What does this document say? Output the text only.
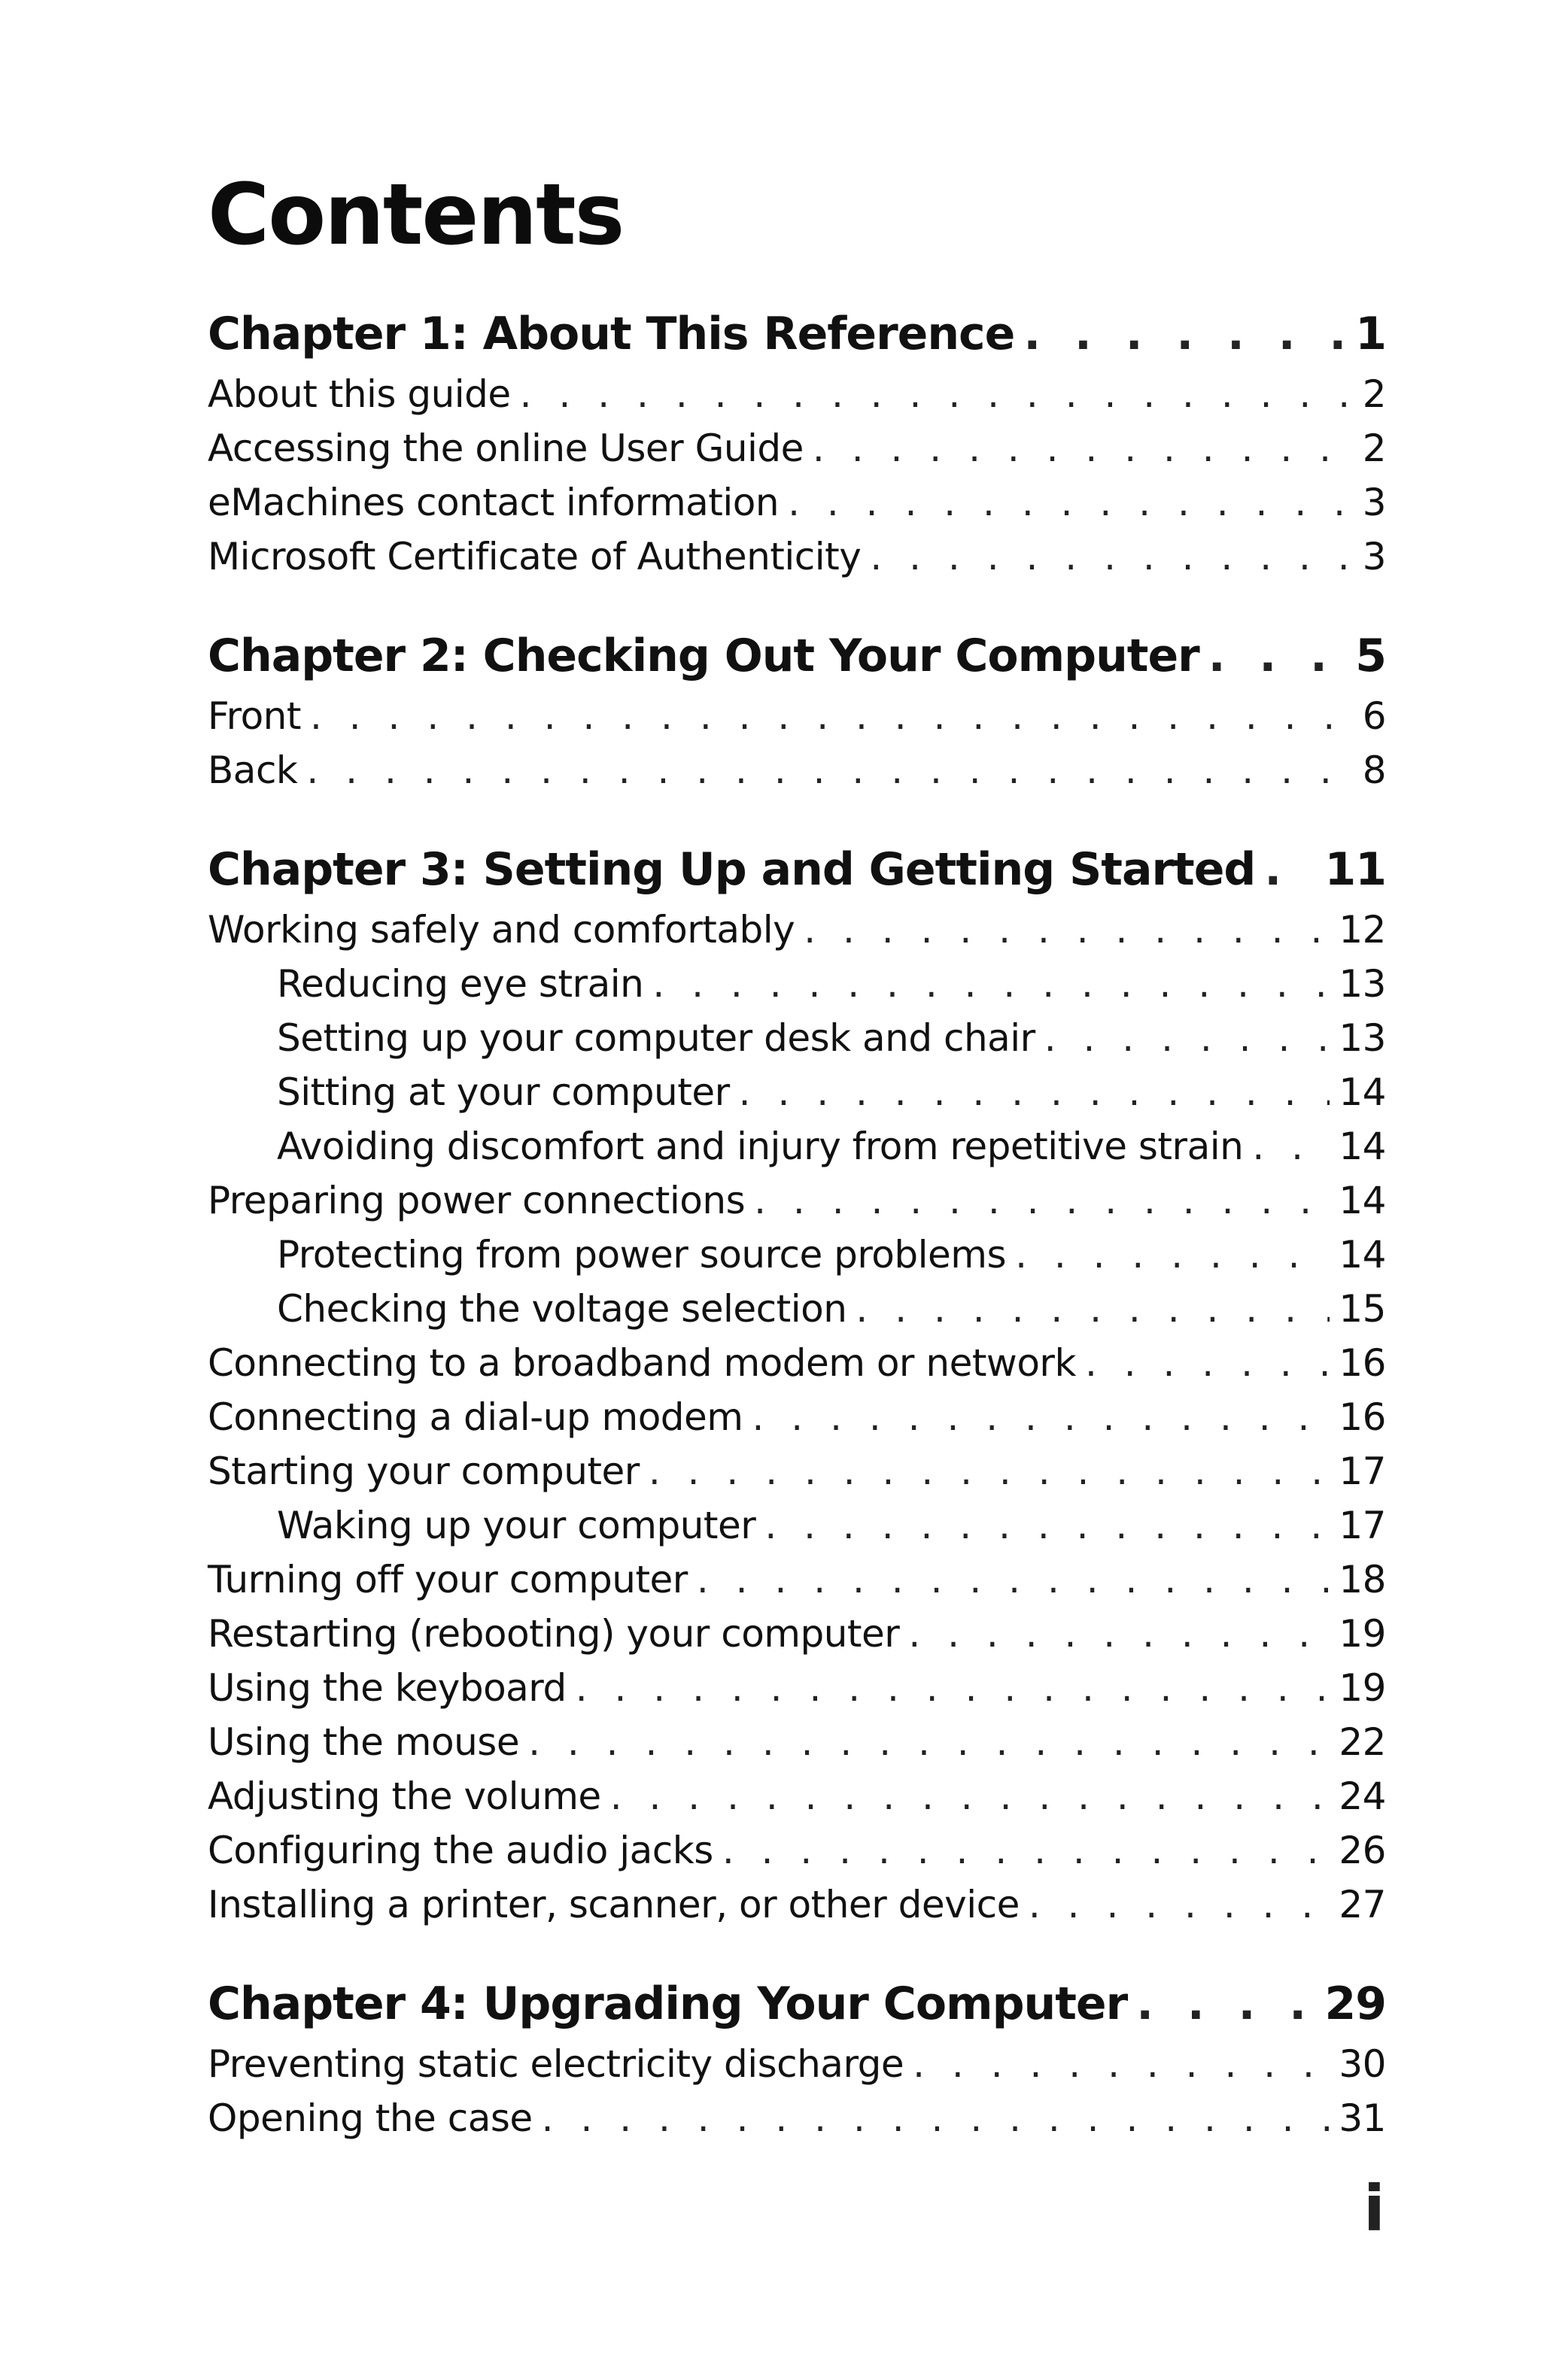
Contents
Chapter 1: About This Reference . . .	1
About this guide . . .	2
Accessing the online User Guide . . .	2
eMachines contact information . . .	3
Microsoft Certificate of Authenticity . . .	3
Chapter 2: Checking Out Your Computer . . .	5
Front . . .	6
Back . . .	8
Chapter 3: Setting Up and Getting Started . . . 11
Working safely and comfortably . . .	12
Reducing eye strain . . .	13
Setting up your computer desk and chair . . .	13
Sitting at your computer . . .	14
Avoiding discomfort and injury from repetitive strain . . .	14
Preparing power connections . . .	14
Protecting from power source problems . . .	14
Checking the voltage selection . . .	15
Connecting to a broadband modem or network . . .	16
Connecting a dial-up modem . . .	16
Starting your computer . . .	17
Waking up your computer . . .	17
Turning off your computer . . .	18
Restarting (rebooting) your computer . . .	19
Using the keyboard . . .	19
Using the mouse . . .	22
Adjusting the volume . . .	24
Configuring the audio jacks . . .	26
Installing a printer, scanner, or other device . . .	27
Chapter 4: Upgrading Your Computer . . .	29
Preventing static electricity discharge . . .	30
Opening the case . . .	31
i
